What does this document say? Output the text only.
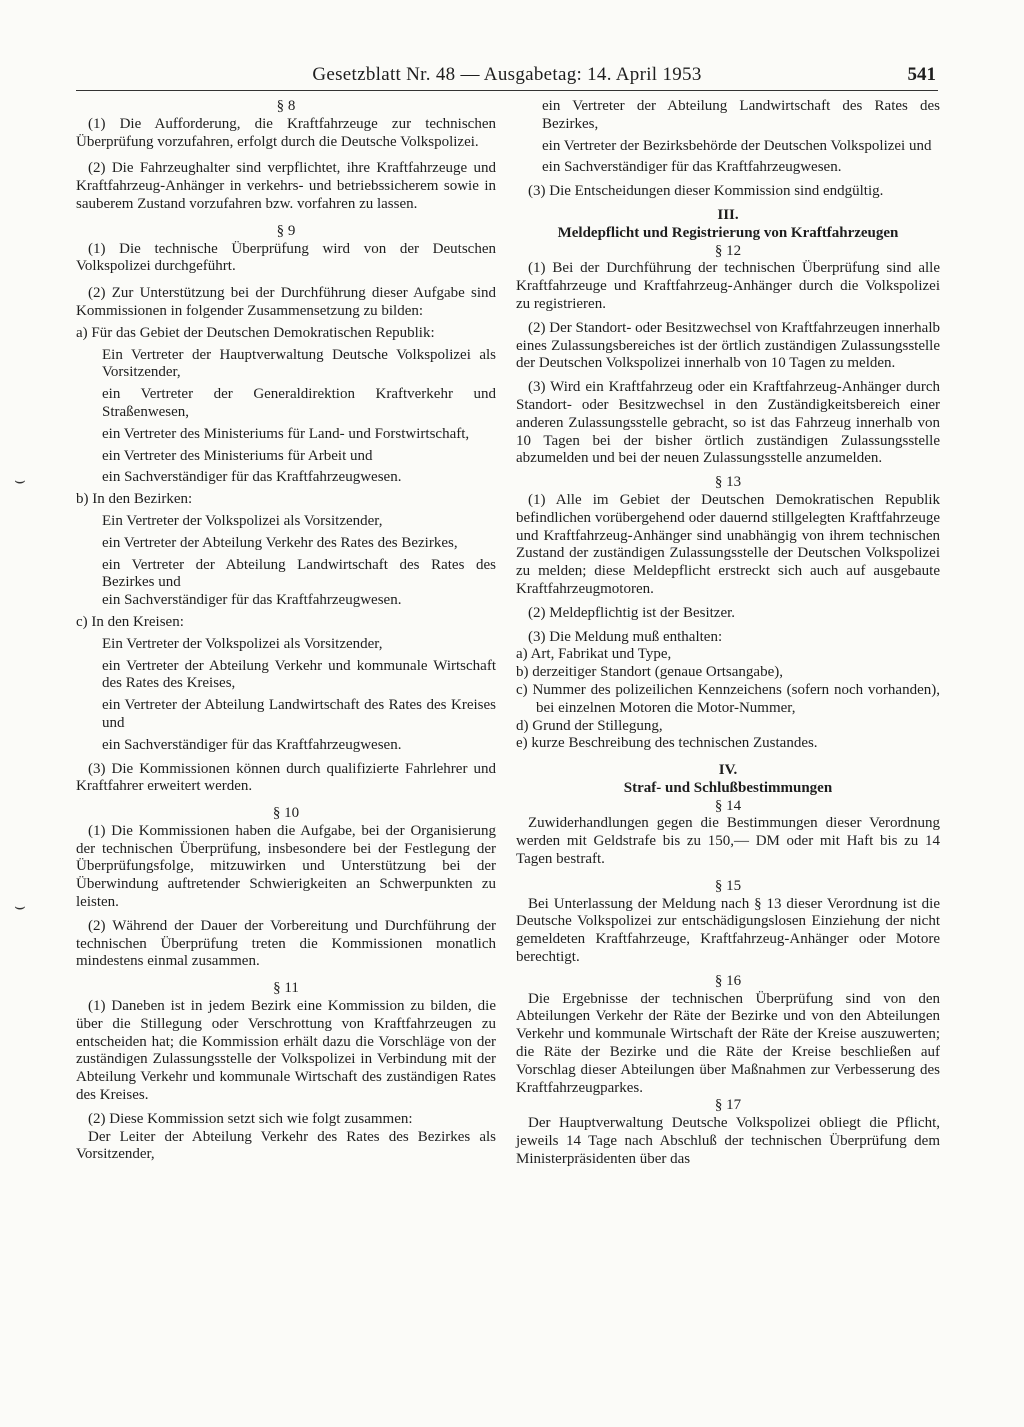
Gesetzblatt Nr. 48 — Ausgabetag: 14. April 1953	541
⌣
⌣

§ 8

(1) Die Aufforderung, die Kraftfahrzeuge zur technischen Überprüfung vorzufahren, erfolgt durch die Deutsche Volkspolizei.

(2) Die Fahrzeughalter sind verpflichtet, ihre Kraftfahrzeuge und Kraftfahrzeug-Anhänger in verkehrs- und betriebssicherem sowie in sauberem Zustand vorzufahren bzw. vorfahren zu lassen.

§ 9

(1) Die technische Überprüfung wird von der Deutschen Volkspolizei durchgeführt.

(2) Zur Unterstützung bei der Durchführung dieser Aufgabe sind Kommissionen in folgender Zusammensetzung zu bilden:

a) Für das Gebiet der Deutschen Demokratischen Republik:

Ein Vertreter der Hauptverwaltung Deutsche Volkspolizei als Vorsitzender,

ein Vertreter der Generaldirektion Kraftverkehr und Straßenwesen,

ein Vertreter des Ministeriums für Land- und Forstwirtschaft,

ein Vertreter des Ministeriums für Arbeit und

ein Sachverständiger für das Kraftfahrzeugwesen.

b) In den Bezirken:

Ein Vertreter der Volkspolizei als Vorsitzender,

ein Vertreter der Abteilung Verkehr des Rates des Bezirkes,

ein Vertreter der Abteilung Landwirtschaft des Rates des Bezirkes und

ein Sachverständiger für das Kraftfahrzeugwesen.

c) In den Kreisen:

Ein Vertreter der Volkspolizei als Vorsitzender,

ein Vertreter der Abteilung Verkehr und kommunale Wirtschaft des Rates des Kreises,

ein Vertreter der Abteilung Landwirtschaft des Rates des Kreises und

ein Sachverständiger für das Kraftfahrzeugwesen.

(3) Die Kommissionen können durch qualifizierte Fahrlehrer und Kraftfahrer erweitert werden.

§ 10

(1) Die Kommissionen haben die Aufgabe, bei der Organisierung der technischen Überprüfung, insbesondere bei der Festlegung der Überprüfungsfolge, mitzuwirken und Unterstützung bei der Überwindung auftretender Schwierigkeiten an Schwerpunkten zu leisten.

(2) Während der Dauer der Vorbereitung und Durchführung der technischen Überprüfung treten die Kommissionen monatlich mindestens einmal zusammen.

§ 11

(1) Daneben ist in jedem Bezirk eine Kommission zu bilden, die über die Stillegung oder Verschrottung von Kraftfahrzeugen zu entscheiden hat; die Kommission erhält dazu die Vorschläge von der zuständigen Zulassungsstelle der Volkspolizei in Verbindung mit der Abteilung Verkehr und kommunale Wirtschaft des zuständigen Rates des Kreises.

(2) Diese Kommission setzt sich wie folgt zusammen:

Der Leiter der Abteilung Verkehr des Rates des Bezirkes als Vorsitzender,

ein Vertreter der Abteilung Landwirtschaft des Rates des Bezirkes,

ein Vertreter der Bezirksbehörde der Deutschen Volkspolizei und

ein Sachverständiger für das Kraftfahrzeugwesen.

(3) Die Entscheidungen dieser Kommission sind endgültig.

III.

Meldepflicht und Registrierung von Kraftfahrzeugen

§ 12

(1) Bei der Durchführung der technischen Überprüfung sind alle Kraftfahrzeuge und Kraftfahrzeug-Anhänger durch die Volkspolizei zu registrieren.

(2) Der Standort- oder Besitzwechsel von Kraftfahrzeugen innerhalb eines Zulassungsbereiches ist der örtlich zuständigen Zulassungsstelle der Deutschen Volkspolizei innerhalb von 10 Tagen zu melden.

(3) Wird ein Kraftfahrzeug oder ein Kraftfahrzeug-Anhänger durch Standort- oder Besitzwechsel in den Zuständigkeitsbereich einer anderen Zulassungsstelle gebracht, so ist das Fahrzeug innerhalb von 10 Tagen bei der bisher örtlich zuständigen Zulassungsstelle abzumelden und bei der neuen Zulassungsstelle anzumelden.

§ 13

(1) Alle im Gebiet der Deutschen Demokratischen Republik befindlichen vorübergehend oder dauernd stillgelegten Kraftfahrzeuge und Kraftfahrzeug-Anhänger sind unabhängig von ihrem technischen Zustand der zuständigen Zulassungsstelle der Deutschen Volkspolizei zu melden; diese Meldepflicht erstreckt sich auch auf ausgebaute Kraftfahrzeugmotoren.

(2) Meldepflichtig ist der Besitzer.

(3) Die Meldung muß enthalten:

a) Art, Fabrikat und Type,

b) derzeitiger Standort (genaue Ortsangabe),

c) Nummer des polizeilichen Kennzeichens (sofern noch vorhanden), bei einzelnen Motoren die Motor-Nummer,

d) Grund der Stillegung,

e) kurze Beschreibung des technischen Zustandes.

IV.

Straf- und Schlußbestimmungen

§ 14

Zuwiderhandlungen gegen die Bestimmungen dieser Verordnung werden mit Geldstrafe bis zu 150,— DM oder mit Haft bis zu 14 Tagen bestraft.

§ 15

Bei Unterlassung der Meldung nach § 13 dieser Verordnung ist die Deutsche Volkspolizei zur entschädigungslosen Einziehung der nicht gemeldeten Kraftfahrzeuge, Kraftfahrzeug-Anhänger oder Motore berechtigt.

§ 16

Die Ergebnisse der technischen Überprüfung sind von den Abteilungen Verkehr der Räte der Bezirke und von den Abteilungen Verkehr und kommunale Wirtschaft der Räte der Kreise auszuwerten; die Räte der Bezirke und die Räte der Kreise beschließen auf Vorschlag dieser Abteilungen über Maßnahmen zur Verbesserung des Kraftfahrzeugparkes.

§ 17

Der Hauptverwaltung Deutsche Volkspolizei obliegt die Pflicht, jeweils 14 Tage nach Abschluß der technischen Überprüfung dem Ministerpräsidenten über das
